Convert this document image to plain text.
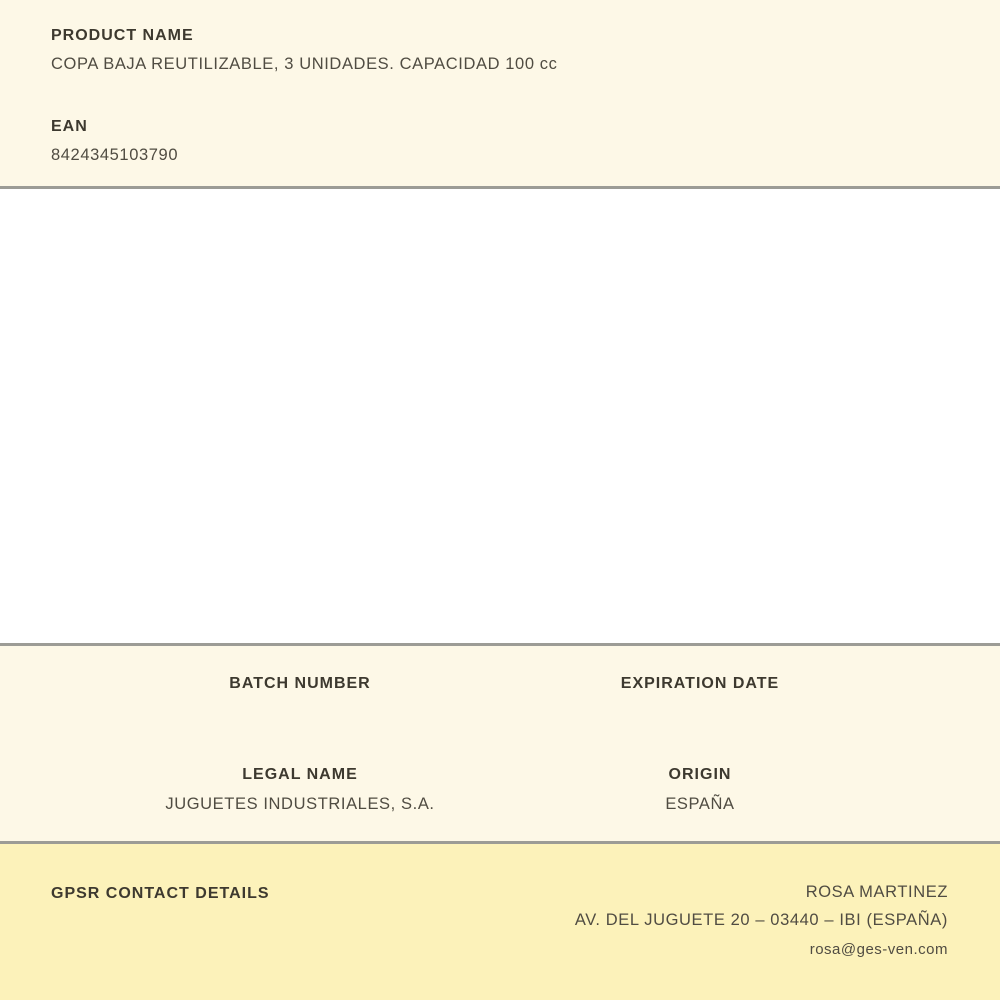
PRODUCT NAME
COPA BAJA REUTILIZABLE, 3 UNIDADES. CAPACIDAD 100 cc
EAN
8424345103790
BATCH NUMBER	EXPIRATION DATE
LEGAL NAME
JUGUETES INDUSTRIALES, S.A.
ORIGIN
ESPAÑA
GPSR CONTACT DETAILS	ROSA MARTINEZ
AV. DEL JUGUETE 20 – 03440 – IBI (ESPAÑA)
rosa@ges-ven.com
